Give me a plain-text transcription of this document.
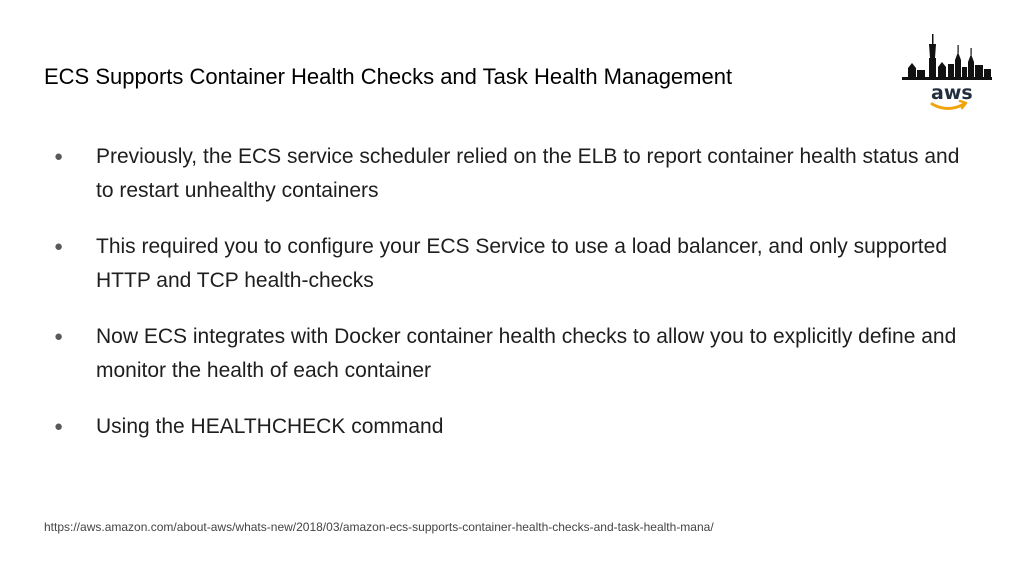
ECS Supports Container Health Checks and Task Health Management
aws
● Previously, the ECS service scheduler relied on the ELB to report container health status and to restart unhealthy containers
● This required you to configure your ECS Service to use a load balancer, and only supported HTTP and TCP health-checks
● Now ECS integrates with Docker container health checks to allow you to explicitly define and monitor the health of each container
● Using the HEALTHCHECK command
https://aws.amazon.com/about-aws/whats-new/2018/03/amazon-ecs-supports-container-health-checks-and-task-health-mana/
